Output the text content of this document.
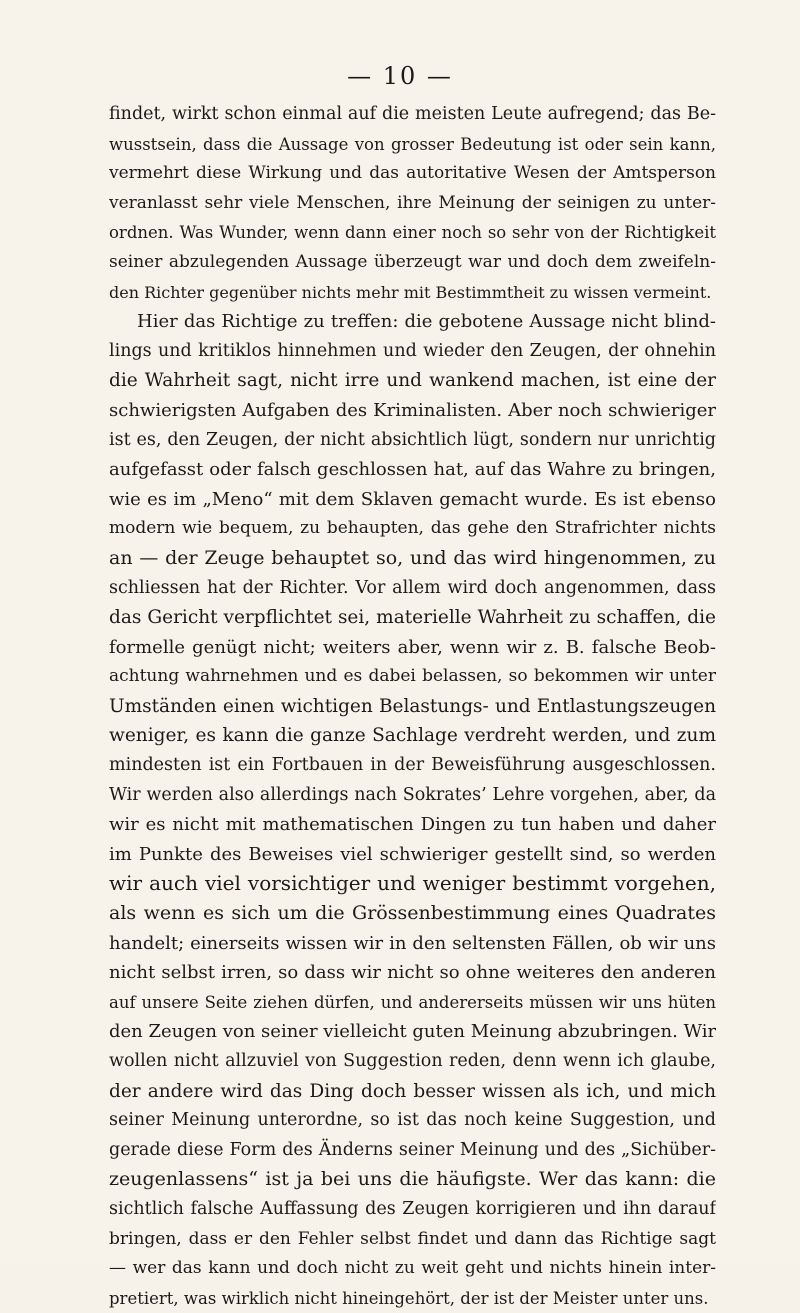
— 10 —
findet, wirkt schon einmal auf die meisten Leute aufregend; das Be-
wusstsein, dass die Aussage von grosser Bedeutung ist oder sein kann,
vermehrt diese Wirkung und das autoritative Wesen der Amtsperson
veranlasst sehr viele Menschen, ihre Meinung der seinigen zu unter-
ordnen. Was Wunder, wenn dann einer noch so sehr von der Richtigkeit
seiner abzulegenden Aussage überzeugt war und doch dem zweifeln-
den Richter gegenüber nichts mehr mit Bestimmtheit zu wissen vermeint.
Hier das Richtige zu treffen: die gebotene Aussage nicht blind-
lings und kritiklos hinnehmen und wieder den Zeugen, der ohnehin
die Wahrheit sagt, nicht irre und wankend machen, ist eine der
schwierigsten Aufgaben des Kriminalisten. Aber noch schwieriger
ist es, den Zeugen, der nicht absichtlich lügt, sondern nur unrichtig
aufgefasst oder falsch geschlossen hat, auf das Wahre zu bringen,
wie es im „Meno“ mit dem Sklaven gemacht wurde. Es ist ebenso
modern wie bequem, zu behaupten, das gehe den Strafrichter nichts
an — der Zeuge behauptet so, und das wird hingenommen, zu
schliessen hat der Richter. Vor allem wird doch angenommen, dass
das Gericht verpflichtet sei, materielle Wahrheit zu schaffen, die
formelle genügt nicht; weiters aber, wenn wir z. B. falsche Beob-
achtung wahrnehmen und es dabei belassen, so bekommen wir unter
Umständen einen wichtigen Belastungs- und Entlastungszeugen
weniger, es kann die ganze Sachlage verdreht werden, und zum
mindesten ist ein Fortbauen in der Beweisführung ausgeschlossen.
Wir werden also allerdings nach Sokrates’ Lehre vorgehen, aber, da
wir es nicht mit mathematischen Dingen zu tun haben und daher
im Punkte des Beweises viel schwieriger gestellt sind, so werden
wir auch viel vorsichtiger und weniger bestimmt vorgehen,
als wenn es sich um die Grössenbestimmung eines Quadrates
handelt; einerseits wissen wir in den seltensten Fällen, ob wir uns
nicht selbst irren, so dass wir nicht so ohne weiteres den anderen
auf unsere Seite ziehen dürfen, und andererseits müssen wir uns hüten
den Zeugen von seiner vielleicht guten Meinung abzubringen. Wir
wollen nicht allzuviel von Suggestion reden, denn wenn ich glaube,
der andere wird das Ding doch besser wissen als ich, und mich
seiner Meinung unterordne, so ist das noch keine Suggestion, und
gerade diese Form des Änderns seiner Meinung und des „Sichüber-
zeugenlassens“ ist ja bei uns die häufigste. Wer das kann: die
sichtlich falsche Auffassung des Zeugen korrigieren und ihn darauf
bringen, dass er den Fehler selbst findet und dann das Richtige sagt
— wer das kann und doch nicht zu weit geht und nichts hinein inter-
pretiert, was wirklich nicht hineingehört, der ist der Meister unter uns.
